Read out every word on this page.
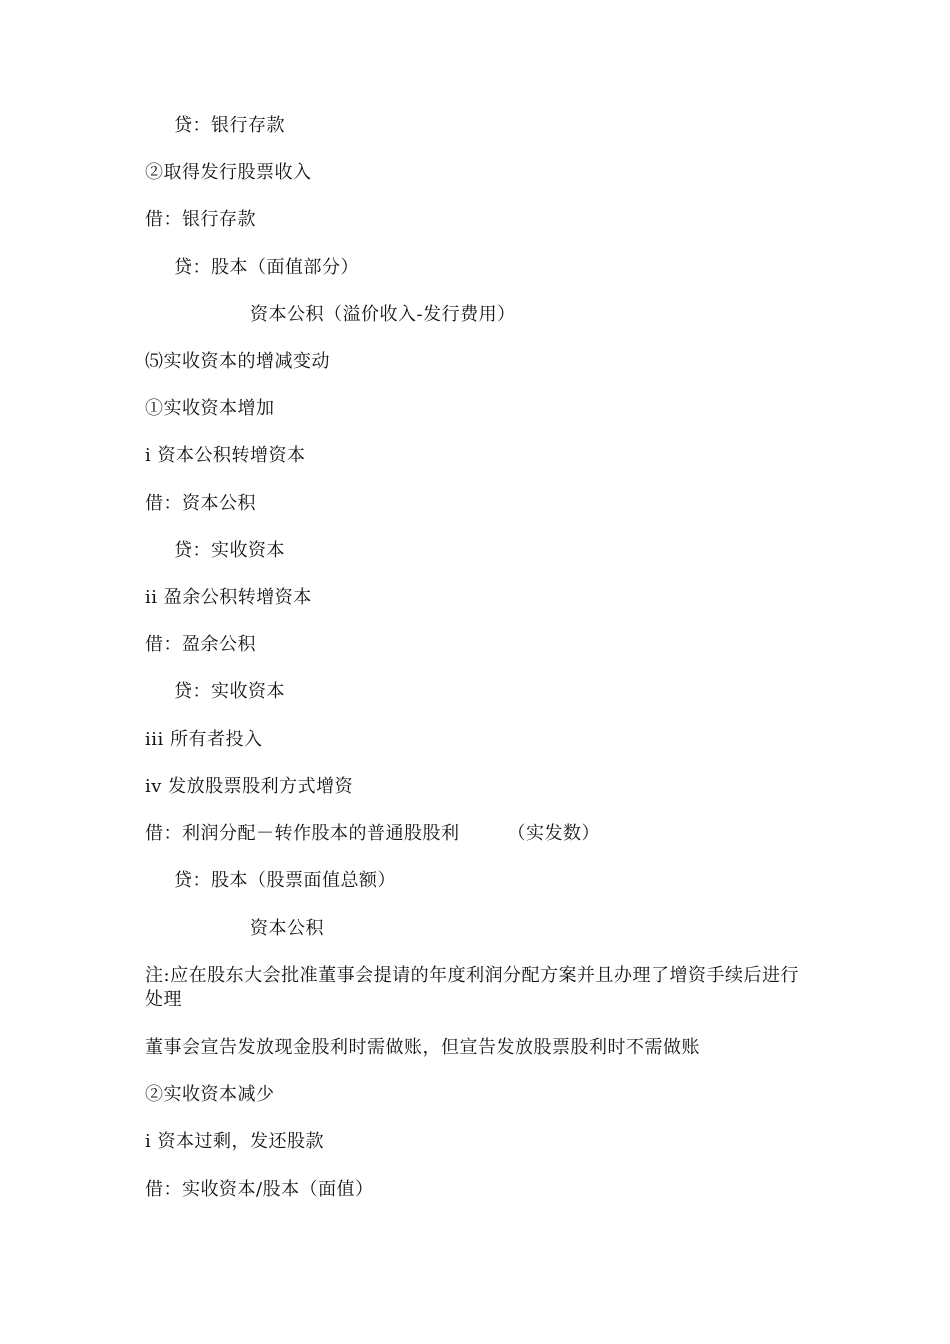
贷：银行存款
②取得发行股票收入
借：银行存款
贷：股本（面值部分）
资本公积（溢价收入-发行费用）
⑸实收资本的增减变动
①实收资本增加
i 资本公积转增资本
借：资本公积
贷：实收资本
ii 盈余公积转增资本
借：盈余公积
贷：实收资本
iii 所有者投入
iv 发放股票股利方式增资
借：利润分配－转作股本的普通股股利	（实发数）
贷：股本（股票面值总额）
资本公积
注:应在股东大会批准董事会提请的年度利润分配方案并且办理了增资手续后进行处理
董事会宣告发放现金股利时需做账，但宣告发放股票股利时不需做账
②实收资本减少
i 资本过剩，发还股款
借：实收资本/股本（面值）
